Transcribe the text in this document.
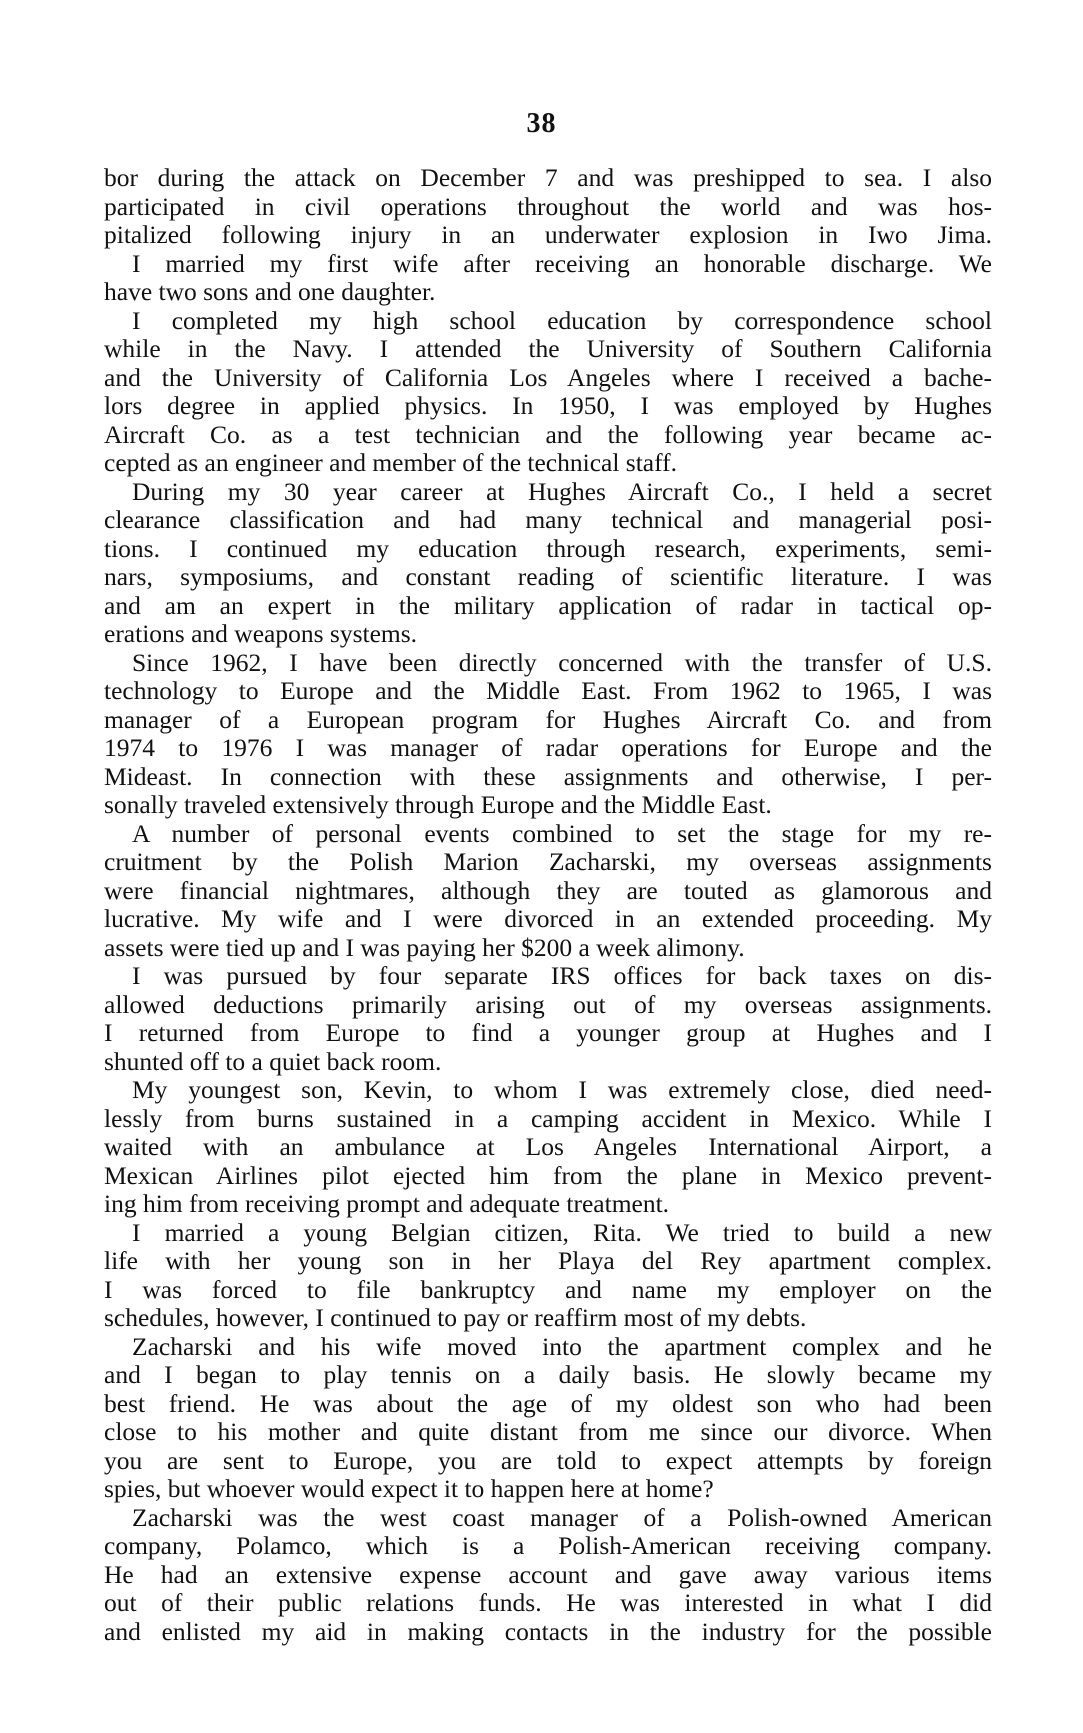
38
bor during the attack on December 7 and was preshipped to sea. I also
participated in civil operations throughout the world and was hos-
pitalized following injury in an underwater explosion in Iwo Jima.
I married my first wife after receiving an honorable discharge. We
have two sons and one daughter.
I completed my high school education by correspondence school
while in the Navy. I attended the University of Southern California
and the University of California Los Angeles where I received a bache-
lors degree in applied physics. In 1950, I was employed by Hughes
Aircraft Co. as a test technician and the following year became ac-
cepted as an engineer and member of the technical staff.
During my 30 year career at Hughes Aircraft Co., I held a secret
clearance classification and had many technical and managerial posi-
tions. I continued my education through research, experiments, semi-
nars, symposiums, and constant reading of scientific literature. I was
and am an expert in the military application of radar in tactical op-
erations and weapons systems.
Since 1962, I have been directly concerned with the transfer of U.S.
technology to Europe and the Middle East. From 1962 to 1965, I was
manager of a European program for Hughes Aircraft Co. and from
1974 to 1976 I was manager of radar operations for Europe and the
Mideast. In connection with these assignments and otherwise, I per-
sonally traveled extensively through Europe and the Middle East.
A number of personal events combined to set the stage for my re-
cruitment by the Polish Marion Zacharski, my overseas assignments
were financial nightmares, although they are touted as glamorous and
lucrative. My wife and I were divorced in an extended proceeding. My
assets were tied up and I was paying her $200 a week alimony.
I was pursued by four separate IRS offices for back taxes on dis-
allowed deductions primarily arising out of my overseas assignments.
I returned from Europe to find a younger group at Hughes and I
shunted off to a quiet back room.
My youngest son, Kevin, to whom I was extremely close, died need-
lessly from burns sustained in a camping accident in Mexico. While I
waited with an ambulance at Los Angeles International Airport, a
Mexican Airlines pilot ejected him from the plane in Mexico prevent-
ing him from receiving prompt and adequate treatment.
I married a young Belgian citizen, Rita. We tried to build a new
life with her young son in her Playa del Rey apartment complex.
I was forced to file bankruptcy and name my employer on the
schedules, however, I continued to pay or reaffirm most of my debts.
Zacharski and his wife moved into the apartment complex and he
and I began to play tennis on a daily basis. He slowly became my
best friend. He was about the age of my oldest son who had been
close to his mother and quite distant from me since our divorce. When
you are sent to Europe, you are told to expect attempts by foreign
spies, but whoever would expect it to happen here at home?
Zacharski was the west coast manager of a Polish-owned American
company, Polamco, which is a Polish-American receiving company.
He had an extensive expense account and gave away various items
out of their public relations funds. He was interested in what I did
and enlisted my aid in making contacts in the industry for the possible
